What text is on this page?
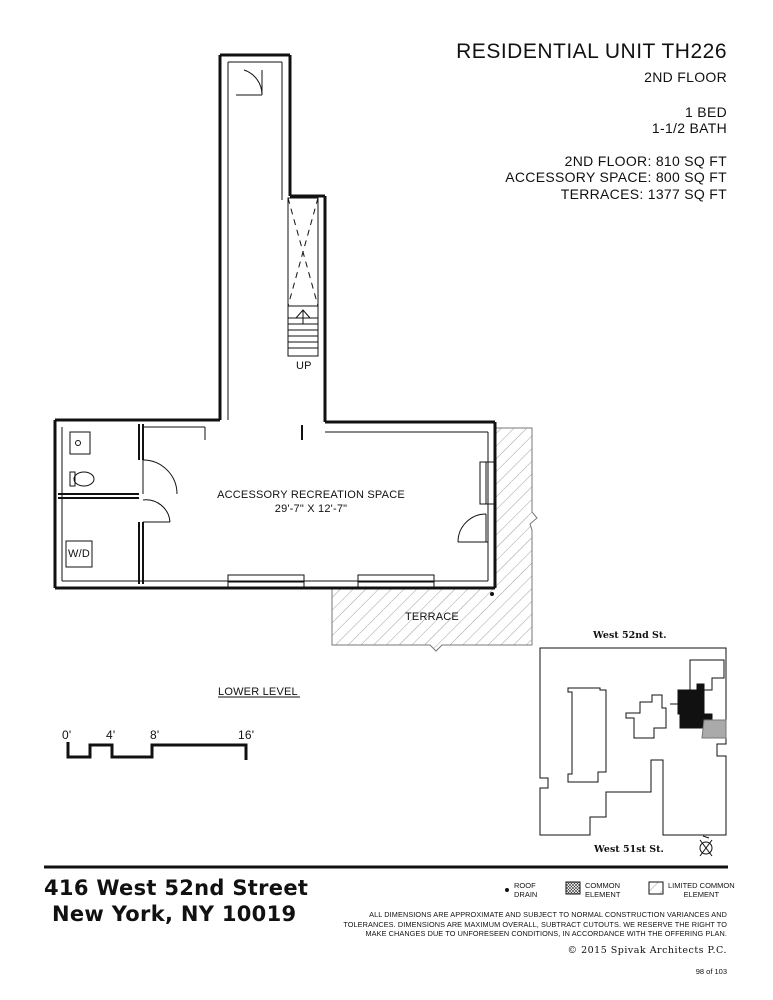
RESIDENTIAL UNIT TH226
2ND FLOOR
1 BED
1-1/2 BATH
2ND FLOOR: 810 SQ FT
ACCESSORY SPACE: 800 SQ FT
TERRACES: 1377 SQ FT
UP
ACCESSORY RECREATION SPACE
29'-7" X 12'-7"
W/D
TERRACE
LOWER LEVEL
0'	4'	8'	16'
West 52nd St.
West 51st St.
416 West 52nd Street
New York, NY 10019
ROOF
DRAIN
COMMON
ELEMENT
LIMITED COMMON
ELEMENT
ALL DIMENSIONS ARE APPROXIMATE AND SUBJECT TO NORMAL CONSTRUCTION VARIANCES AND TOLERANCES. DIMENSIONS ARE MAXIMUM OVERALL, SUBTRACT CUTOUTS. WE RESERVE THE RIGHT TO MAKE CHANGES DUE TO UNFORESEEN CONDITIONS, IN ACCORDANCE WITH THE OFFERING PLAN.
© 2015 Spivak Architects P.C.
98 of 103
